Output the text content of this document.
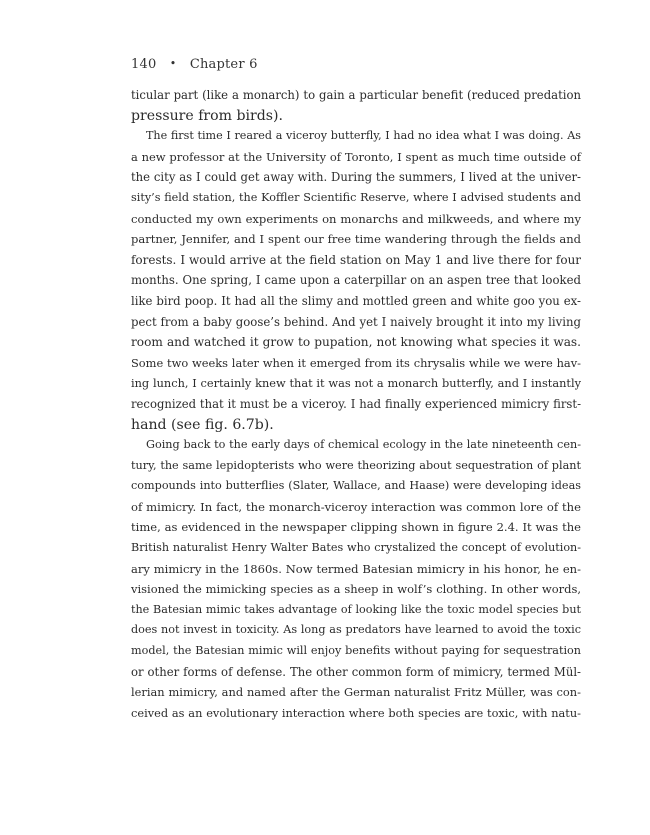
140 • Chapter 6
ticular part (like a monarch) to gain a particular benefit (reduced predation
pressure from birds).
The first time I reared a viceroy butterfly, I had no idea what I was doing. As
a new professor at the University of Toronto, I spent as much time outside of
the city as I could get away with. During the summers, I lived at the univer-
sity’s field station, the Koffler Scientific Reserve, where I advised students and
conducted my own experiments on monarchs and milkweeds, and where my
partner, Jennifer, and I spent our free time wandering through the fields and
forests. I would arrive at the field station on May 1 and live there for four
months. One spring, I came upon a caterpillar on an aspen tree that looked
like bird poop. It had all the slimy and mottled green and white goo you ex-
pect from a baby goose’s behind. And yet I naively brought it into my living
room and watched it grow to pupation, not knowing what species it was.
Some two weeks later when it emerged from its chrysalis while we were hav-
ing lunch, I certainly knew that it was not a monarch butterfly, and I instantly
recognized that it must be a viceroy. I had finally experienced mimicry first-
hand (see fig. 6.7b).
Going back to the early days of chemical ecology in the late nineteenth cen-
tury, the same lepidopterists who were theorizing about sequestration of plant
compounds into butterflies (Slater, Wallace, and Haase) were developing ideas
of mimicry. In fact, the monarch-viceroy interaction was common lore of the
time, as evidenced in the newspaper clipping shown in figure 2.4. It was the
British naturalist Henry Walter Bates who crystalized the concept of evolution-
ary mimicry in the 1860s. Now termed Batesian mimicry in his honor, he en-
visioned the mimicking species as a sheep in wolf’s clothing. In other words,
the Batesian mimic takes advantage of looking like the toxic model species but
does not invest in toxicity. As long as predators have learned to avoid the toxic
model, the Batesian mimic will enjoy benefits without paying for sequestration
or other forms of defense. The other common form of mimicry, termed Mül-
lerian mimicry, and named after the German naturalist Fritz Müller, was con-
ceived as an evolutionary interaction where both species are toxic, with natu-
